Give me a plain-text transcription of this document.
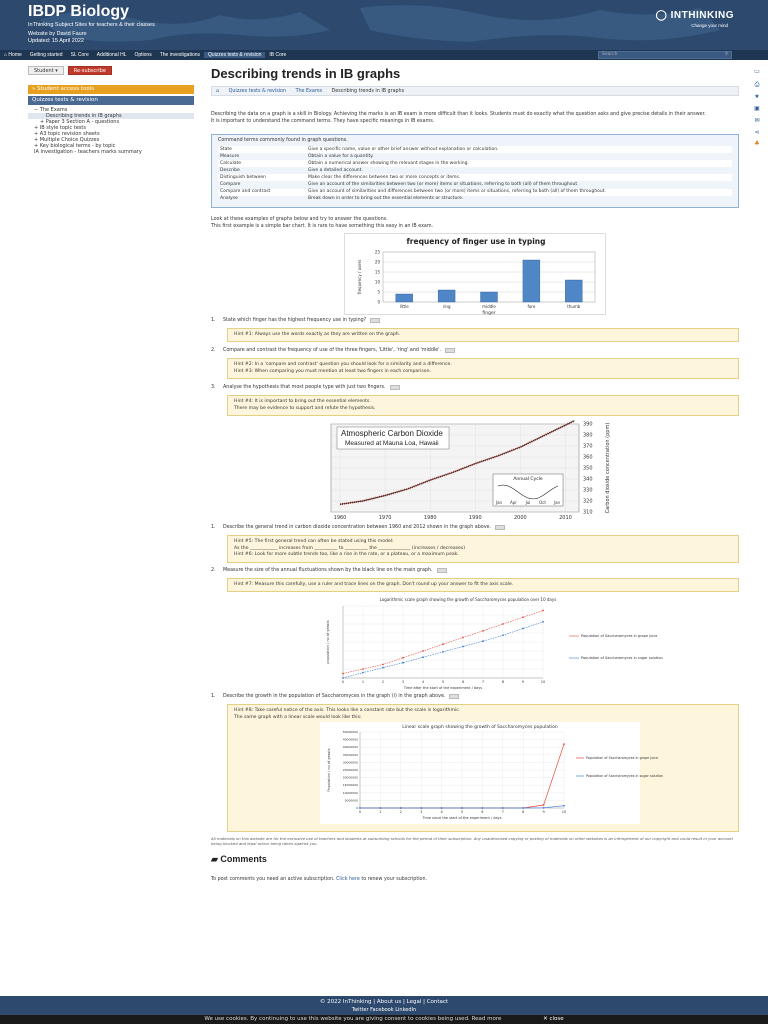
IBDP Biology
InThinking Subject Sites for teachers & their classes
Website by David Faure
Updated: 15 April 2022
◯ INTHINKING
Change your mind
⌂ Home	Getting started	SL Core	Additional HL	Options	The investigations	Quizzes tests & revision	IB Core	Search	⚲
Student ▾	Re-subscribe
» Student access tools
Quizzes tests & revision
− The Exams
Describing trends in IB graphs
+ Paper 3 Section A - questions
+ IB style topic tests
+ A3 topic revision sheets
+ Multiple Choice Quizzes
+ Key biological terms - by topic
IA investigation - teachers marks summary
▭
⎙
★
▣
✉
⋖
♣
Describing trends in IB graphs
⌂ Quizzes tests & revision The Exams Describing trends in IB graphs

Describing the data on a graph is a skill in Biology. Achieving the marks is an IB exam is more difficult than it looks. Students must do exactly what the question asks and give precise details in their answer.

It is important to understand the command terms. They have specific meanings in IB exams.

Command terms commonly found in graph questions.
State	Give a specific name, value or other brief answer without explanation or calculation.
Measure	Obtain a value for a quantity.
Calculate	Obtain a numerical answer showing the relevant stages in the working.
Describe	Give a detailed account.
Distinguish between	Make clear the differences between two or more concepts or items.
Compare	Give an account of the similarities between two (or more) items or situations, referring to both (all) of them throughout.
Compare and contrast	Give an account of similarities and differences between two (or more) items or situations, referring to both (all) of them throughout.
Analyse	Break down in order to bring out the essential elements or structure.

Look at these examples of graphs below and try to answer the questions.

This first example is a simple bar chart. It is rare to have something this easy in an IB exam.

frequency of finger use in typing
0
5
10
15
20
25
little	ring	middle	fore	thumb
finger
frequency / users
1.	State which finger has the highest frequency use in typing?
Hint #1: Always use the words exactly as they are written on the graph.
2.	Compare and contrast the frequency of use of the three fingers, 'Little', 'ring' and 'middle'.
Hint #2: In a 'compare and contrast' question you should look for a similarity and a difference.
Hint #3: When comparing you must mention at least two fingers in each comparison.
3.	Analyse the hypothesis that most people type with just two fingers.
Hint #4: It is important to bring out the essential elements.
There may be evidence to support and refute the hypothesis.
310
320
330
340
350
360
370
380
390
1960	1970	1980	1990	2000	2010
Atmospheric Carbon Dioxide
Measured at Mauna Loa, Hawaii
Annual Cycle
Jan Apr Jul Oct Jan	Carbon dioxide concentration (ppm)
1.	Describe the general trend in carbon dioxide concentration between 1960 and 2012 shown in the graph above.
Hint #5: The first general trend can often be stated using this model:
As the ____________ increases from __________ to __________ the ______________ (increases / decreases)
Hint #6: Look for more subtle trends too, like a rise in the rate, or a plateau, or a maximum peak.
2.	Measure the size of the annual fluctuations shown by the black line on the main graph.
Hint #7: Measure this carefully, use a ruler and trace lines on the graph. Don't round up your answer to fit the axis scale.
Logarithmic scale graph showing the growth of Saccharomyces population over 10 days
0	1	2	3	4	5	6	7	8	9	10
Population of Saccharomyces in grape juice
Population of Saccharomyces in sugar solution
Time after the start of the experiment / days
population / no of yeasts
1.	Describe the growth in the population of Saccharomyces in the graph (i) in the graph above.
Hint #8: Take careful notice of the axis. This looks like a constant rate but the scale is logarithmic.
The same graph with a linear scale would look like this:
Linear scale graph showing the growth of Saccharomyces population
0
5000000
10000000
15000000
20000000
25000000
30000000
35000000
40000000
45000000
50000000
0	1	2	3	4	5	6	7	8	9	10
Population of Saccharomyces in grape juice
Population of Saccharomyces in sugar solution
Time since the start of the experiment / days
Population / no of yeasts

All materials on this website are for the exclusive use of teachers and students at subscribing schools for the period of their subscription. Any unauthorised copying or posting of materials on other websites is an infringement of our copyright and could result in your account being blocked and legal action being taken against you.

▰ Comments

To post comments you need an active subscription. Click here to renew your subscription.

© 2022 InThinking | About us | Legal | Contact
Twitter Facebook LinkedIn
We use cookies. By continuing to use this website you are giving consent to cookies being used. Read more	✕ close
